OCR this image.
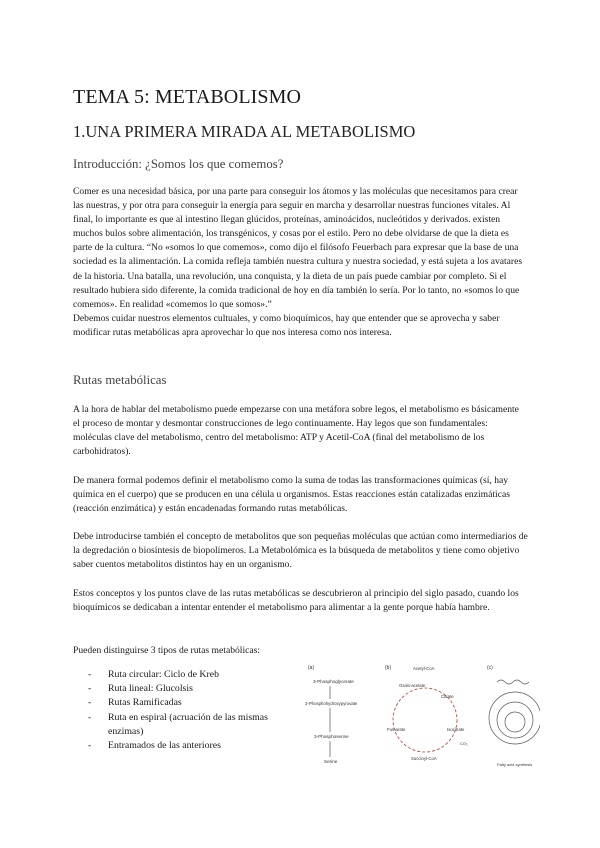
TEMA 5: METABOLISMO
1.UNA PRIMERA MIRADA AL METABOLISMO
Introducción: ¿Somos los que comemos?
Comer es una necesidad básica, por una parte para conseguir los átomos y las moléculas que necesitamos para crear las nuestras, y por otra para conseguir la energía para seguir en marcha y desarrollar nuestras funciones vitales. Al final, lo importante es que al intestino llegan glúcidos, proteínas, aminoácidos, nucleótidos y derivados. existen muchos bulos sobre alimentación, los transgénicos, y cosas por el estilo. Pero no debe olvidarse de que la dieta es parte de la cultura. “No «somos lo que comemos», como dijo el filósofo Feuerbach para expresar que la base de una sociedad es la alimentación. La comida refleja también nuestra cultura y nuestra sociedad, y está sujeta a los avatares de la historia. Una batalla, una revolución, una conquista, y la dieta de un país puede cambiar por completo. Si el resultado hubiera sido diferente, la comida tradicional de hoy en día también lo sería. Por lo tanto, no «somos lo que comemos». En realidad «comemos lo que somos».”
Debemos cuidar nuestros elementos cultuales, y como bioquímicos, hay que entender que se aprovecha y saber modificar rutas metabólicas apra aprovechar lo que nos interesa como nos interesa.
Rutas metabólicas

A la hora de hablar del metabolismo puede empezarse con una metáfora sobre legos, el metabolismo es básicamente el proceso de montar y desmontar construcciones de lego continuamente. Hay legos que son fundamentales: moléculas clave del metabolismo, centro del metabolismo: ATP y Acetil-CoA (final del metabolismo de los carbohidratos).

De manera formal podemos definir el metabolismo como la suma de todas las transformaciones químicas (sí, hay química en el cuerpo) que se producen en una célula u organismos. Estas reacciones están catalizadas enzimáticas (reacción enzimática) y están encadenadas formando rutas metabólicas.

Debe introducirse también el concepto de metabolitos que son pequeñas moléculas que actúan como intermediarios de la degredación o biosíntesis de biopolímeros. La Metabolómica es la búsqueda de metabolitos y tiene como objetivo saber cuentos metabolitos distintos hay en un organismo.

Estos conceptos y los puntos clave de las rutas metabólicas se descubrieron al principio del siglo pasado, cuando los bioquímicos se dedicaban a intentar entender el metabolismo para alimentar a la gente porque había hambre.

Pueden distinguirse 3 tipos de rutas metabólicas:

- Ruta circular: Ciclo de Kreb
- Ruta lineal: Glucolsis
- Rutas Ramificadas
- Ruta en espiral (acruación de las mismas enzimas)
- Entramados de las anteriores
(a)
3-Phosphoglycerate
3-Phosphohydroxypyruvate
3-Phosphoserine
Serine
(b)	Acetyl-CoA
Oxalo-acetate
Citrate
Fumarate	Isocitrate
CO₂
Succinyl-CoA
(c)
Fatty acid synthesis
